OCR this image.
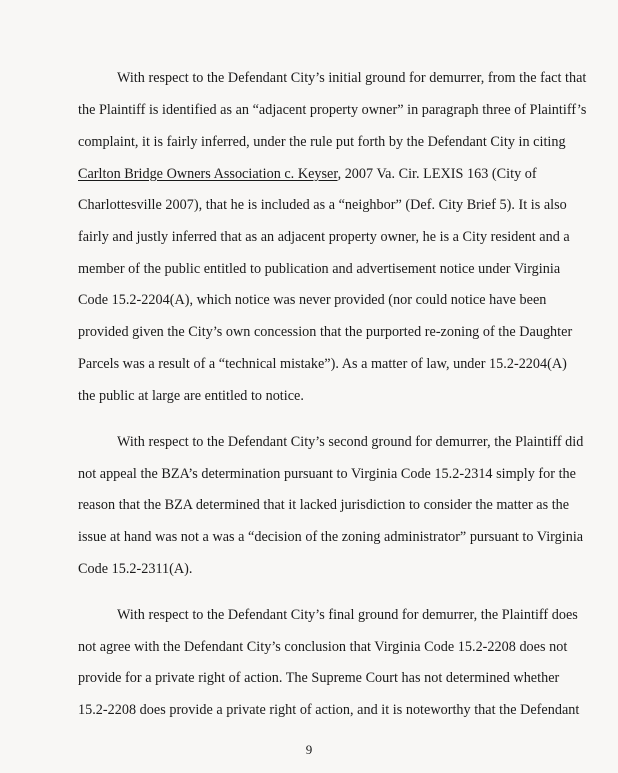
With respect to the Defendant City’s initial ground for demurrer, from the fact that
the Plaintiff is identified as an “adjacent property owner” in paragraph three of Plaintiff’s
complaint, it is fairly inferred, under the rule put forth by the Defendant City in citing
Carlton Bridge Owners Association c. Keyser, 2007 Va. Cir. LEXIS 163 (City of
Charlottesville 2007), that he is included as a “neighbor” (Def. City Brief 5). It is also
fairly and justly inferred that as an adjacent property owner, he is a City resident and a
member of the public entitled to publication and advertisement notice under Virginia
Code 15.2-2204(A), which notice was never provided (nor could notice have been
provided given the City’s own concession that the purported re-zoning of the Daughter
Parcels was a result of a “technical mistake”). As a matter of law, under 15.2-2204(A)
the public at large are entitled to notice.
With respect to the Defendant City’s second ground for demurrer, the Plaintiff did
not appeal the BZA’s determination pursuant to Virginia Code 15.2-2314 simply for the
reason that the BZA determined that it lacked jurisdiction to consider the matter as the
issue at hand was not a was a “decision of the zoning administrator” pursuant to Virginia
Code 15.2-2311(A).
With respect to the Defendant City’s final ground for demurrer, the Plaintiff does
not agree with the Defendant City’s conclusion that Virginia Code 15.2-2208 does not
provide for a private right of action. The Supreme Court has not determined whether
15.2-2208 does provide a private right of action, and it is noteworthy that the Defendant
9
